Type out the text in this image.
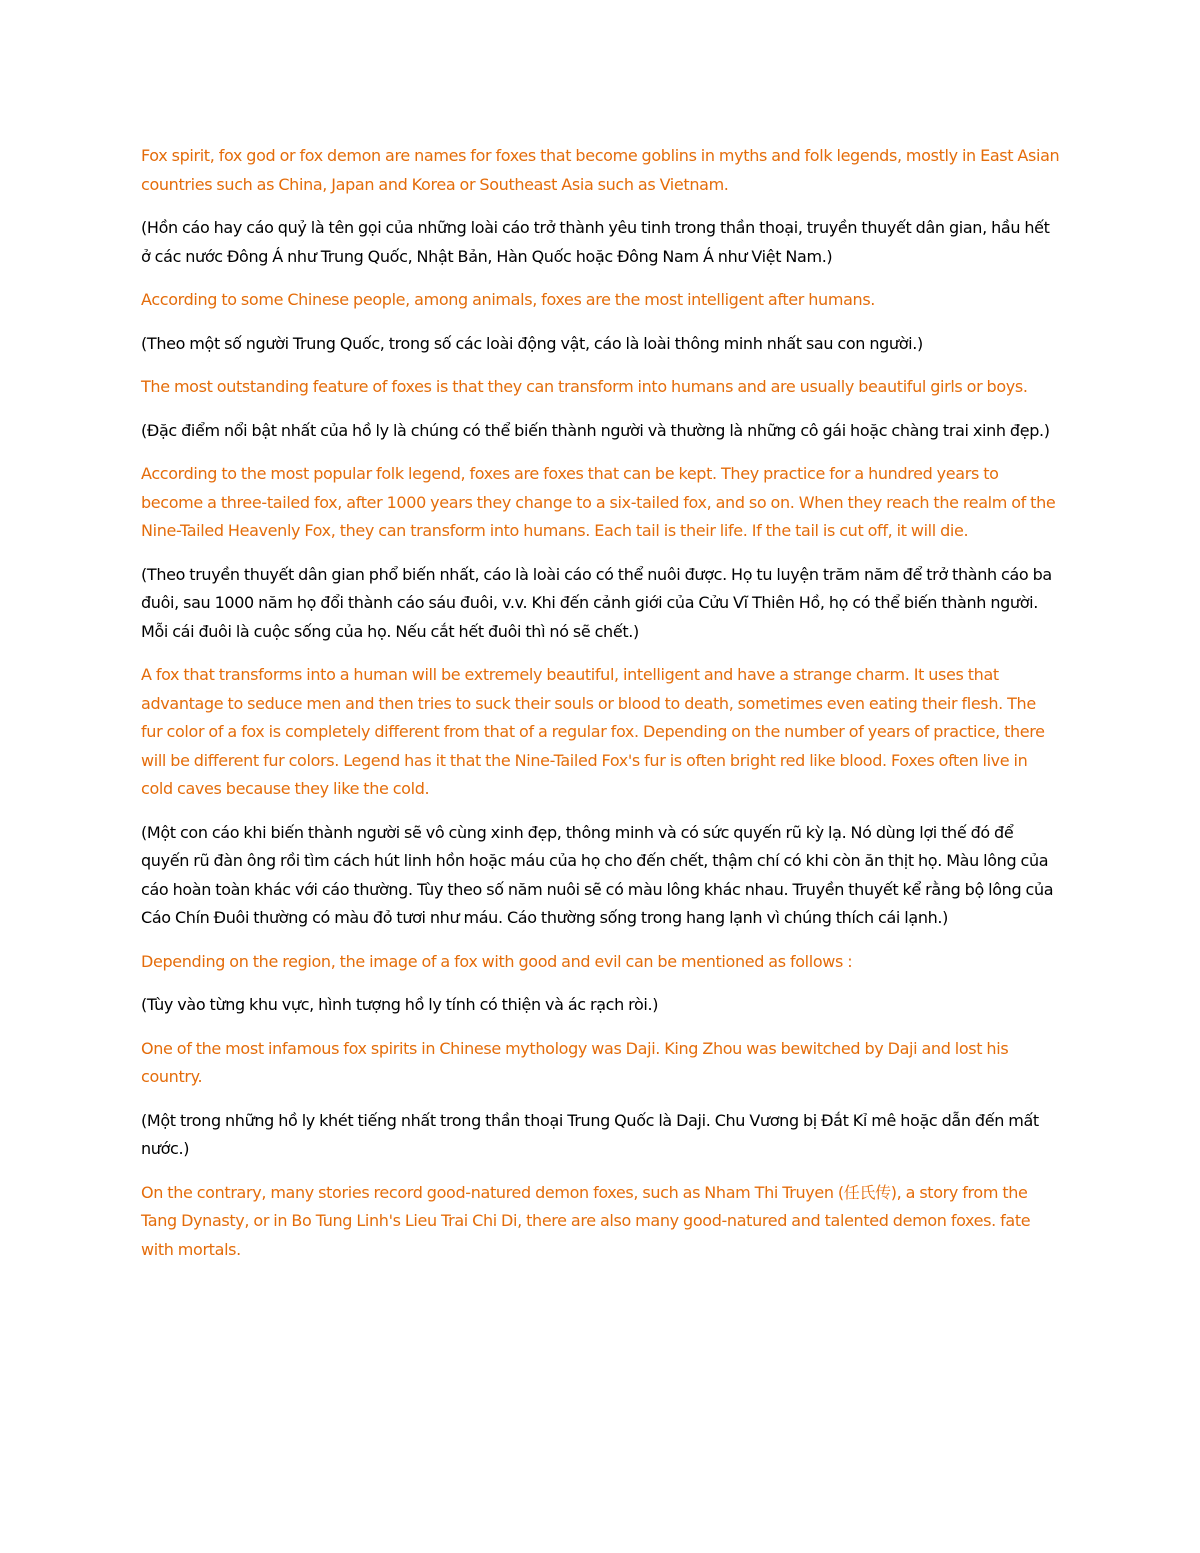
Fox spirit, fox god or fox demon are names for foxes that become goblins in myths and folk legends, mostly in East Asian countries such as China, Japan and Korea or Southeast Asia such as Vietnam.

(Hồn cáo hay cáo quỷ là tên gọi của những loài cáo trở thành yêu tinh trong thần thoại, truyền thuyết dân gian, hầu hết ở các nước Đông Á như Trung Quốc, Nhật Bản, Hàn Quốc hoặc Đông Nam Á như Việt Nam.)

According to some Chinese people, among animals, foxes are the most intelligent after humans.

(Theo một số người Trung Quốc, trong số các loài động vật, cáo là loài thông minh nhất sau con người.)

The most outstanding feature of foxes is that they can transform into humans and are usually beautiful girls or boys.

(Đặc điểm nổi bật nhất của hồ ly là chúng có thể biến thành người và thường là những cô gái hoặc chàng trai xinh đẹp.)

According to the most popular folk legend, foxes are foxes that can be kept. They practice for a hundred years to become a three-tailed fox, after 1000 years they change to a six-tailed fox, and so on. When they reach the realm of the Nine-Tailed Heavenly Fox, they can transform into humans. Each tail is their life. If the tail is cut off, it will die.

(Theo truyền thuyết dân gian phổ biến nhất, cáo là loài cáo có thể nuôi được. Họ tu luyện trăm năm để trở thành cáo ba đuôi, sau 1000 năm họ đổi thành cáo sáu đuôi, v.v. Khi đến cảnh giới của Cửu Vĩ Thiên Hồ, họ có thể biến thành người. Mỗi cái đuôi là cuộc sống của họ. Nếu cắt hết đuôi thì nó sẽ chết.)

A fox that transforms into a human will be extremely beautiful, intelligent and have a strange charm. It uses that advantage to seduce men and then tries to suck their souls or blood to death, sometimes even eating their flesh. The fur color of a fox is completely different from that of a regular fox. Depending on the number of years of practice, there will be different fur colors. Legend has it that the Nine-Tailed Fox's fur is often bright red like blood. Foxes often live in cold caves because they like the cold.

(Một con cáo khi biến thành người sẽ vô cùng xinh đẹp, thông minh và có sức quyến rũ kỳ lạ. Nó dùng lợi thế đó để quyến rũ đàn ông rồi tìm cách hút linh hồn hoặc máu của họ cho đến chết, thậm chí có khi còn ăn thịt họ. Màu lông của cáo hoàn toàn khác với cáo thường. Tùy theo số năm nuôi sẽ có màu lông khác nhau. Truyền thuyết kể rằng bộ lông của Cáo Chín Đuôi thường có màu đỏ tươi như máu. Cáo thường sống trong hang lạnh vì chúng thích cái lạnh.)

Depending on the region, the image of a fox with good and evil can be mentioned as follows :

(Tùy vào từng khu vực, hình tượng hồ ly tính có thiện và ác rạch ròi.)

One of the most infamous fox spirits in Chinese mythology was Daji. King Zhou was bewitched by Daji and lost his country.

(Một trong những hồ ly khét tiếng nhất trong thần thoại Trung Quốc là Daji. Chu Vương bị Đắt Kỉ mê hoặc dẫn đến mất nước.)

On the contrary, many stories record good-natured demon foxes, such as Nham Thi Truyen (任氏传), a story from the Tang Dynasty, or in Bo Tung Linh's Lieu Trai Chi Di, there are also many good-natured and talented demon foxes. fate with mortals.
